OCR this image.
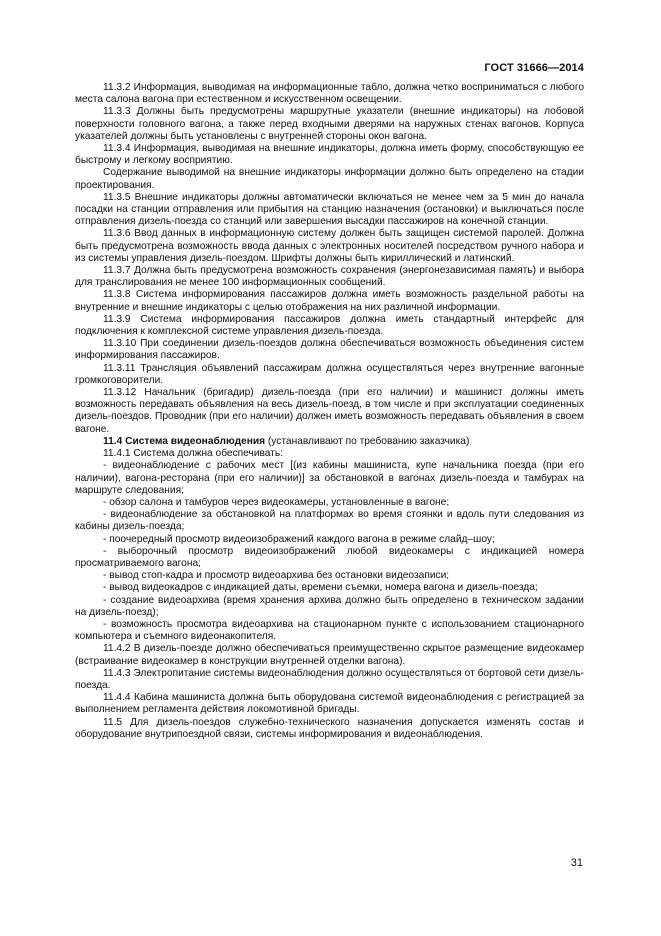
ГОСТ 31666—2014

11.3.2 Информация, выводимая на информационные табло, должна четко восприниматься с любого места салона вагона при естественном и искусственном освещении.

11.3.3 Должны быть предусмотрены маршрутные указатели (внешние индикаторы) на лобовой поверхности головного вагона, а также перед входными дверями на наружных стенах вагонов. Корпуса указателей должны быть установлены с внутренней стороны окон вагона.

11.3.4 Информация, выводимая на внешние индикаторы, должна иметь форму, способствующую ее быстрому и легкому восприятию.

Содержание выводимой на внешние индикаторы информации должно быть определено на стадии проектирования.

11.3.5 Внешние индикаторы должны автоматически включаться не менее чем за 5 мин до начала посадки на станции отправления или прибытия на станцию назначения (остановки) и выключаться после отправления дизель-поезда со станций или завершения высадки пассажиров на конечной станции.

11.3.6 Ввод данных в информационную систему должен быть защищен системой паролей. Должна быть предусмотрена возможность ввода данных с электронных носителей посредством ручного набора и из системы управления дизель-поездом. Шрифты должны быть кириллический и латинский.

11.3.7 Должна быть предусмотрена возможность сохранения (энергонезависимая память) и выбора для транслирования не менее 100 информационных сообщений.

11.3.8 Система информирования пассажиров должна иметь возможность раздельной работы на внутренние и внешние индикаторы с целью отображения на них различной информации.

11.3.9 Система информирования пассажиров должна иметь стандартный интерфейс для подключения к комплексной системе управления дизель-поезда.

11.3.10 При соединении дизель-поездов должна обеспечиваться возможность объединения систем информирования пассажиров.

11.3.11 Трансляция объявлений пассажирам должна осуществляться через внутренние вагонные громкоговорители.

11.3.12 Начальник (бригадир) дизель-поезда (при его наличии) и машинист должны иметь возможность передавать объявления на весь дизель-поезд, в том числе и при эксплуатации соединенных дизель-поездов. Проводник (при его наличии) должен иметь возможность передавать объявления в своем вагоне.

11.4 Система видеонаблюдения (устанавливают по требованию заказчика)

11.4.1 Система должна обеспечивать:

- видеонаблюдение с рабочих мест [(из кабины машиниста, купе начальника поезда (при его наличии), вагона-ресторана (при его наличии)] за обстановкой в вагонах дизель-поезда и тамбурах на маршруте следования;

- обзор салона и тамбуров через видеокамеры, установленные в вагоне;

- видеонаблюдение за обстановкой на платформах во время стоянки и вдоль пути следования из кабины дизель-поезда;

- поочередный просмотр видеоизображений каждого вагона в режиме слайд–шоу;

- выборочный просмотр видеоизображений любой видеокамеры с индикацией номера просматриваемого вагона;

- вывод стоп-кадра и просмотр видеоархива без остановки видеозаписи;

- вывод видеокадров с индикацией даты, времени съемки, номера вагона и дизель-поезда;

- создание видеоархива (время хранения архива должно быть определено в техническом задании на дизель-поезд);

- возможность просмотра видеоархива на стационарном пункте с использованием стационарного компьютера и съемного видеонакопителя.

11.4.2 В дизель-поезде должно обеспечиваться преимущественно скрытое размещение видеокамер (встраивание видеокамер в конструкции внутренней отделки вагона).

11.4.3 Электропитание системы видеонаблюдения должно осуществляться от бортовой сети дизель-поезда.

11.4.4 Кабина машиниста должна быть оборудована системой видеонаблюдения с регистрацией за выполнением регламента действия локомотивной бригады.

11.5 Для дизель-поездов служебно-технического назначения допускается изменять состав и оборудование внутрипоездной связи, системы информирования и видеонаблюдения.

31
